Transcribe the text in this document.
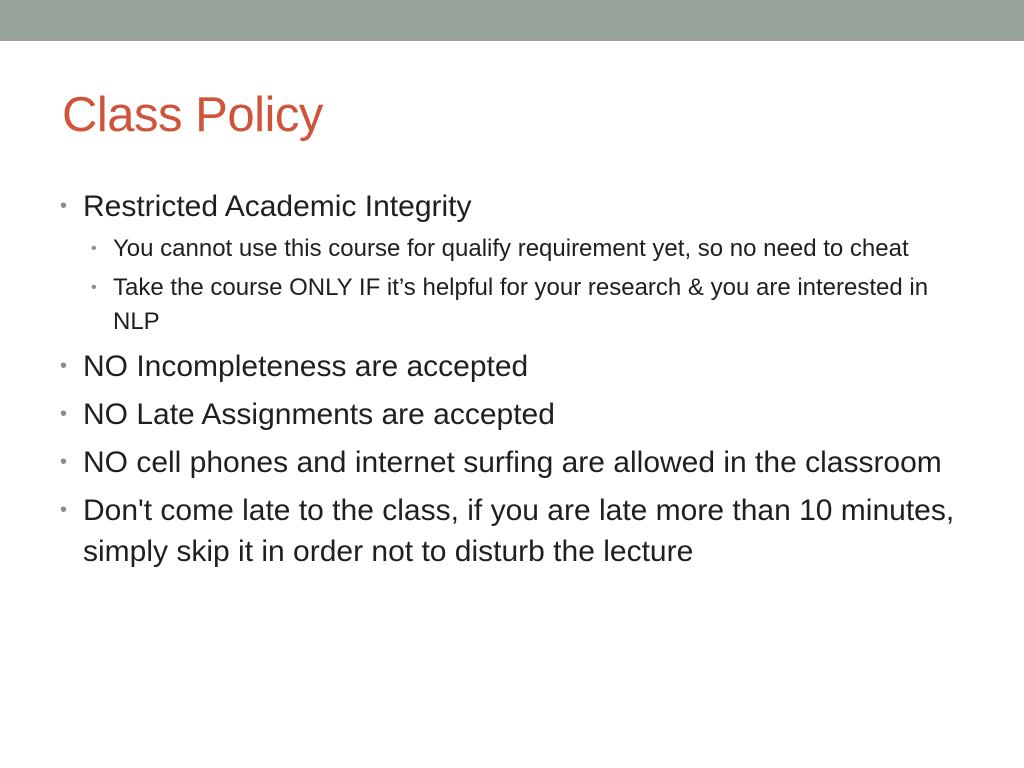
Class Policy
• Restricted Academic Integrity
• You cannot use this course for qualify requirement yet, so no need to cheat
• Take the course ONLY IF it’s helpful for your research & you are interested in NLP
• NO Incompleteness are accepted
• NO Late Assignments are accepted
• NO cell phones and internet surfing are allowed in the classroom
• Don't come late to the class, if you are late more than 10 minutes, simply skip it in order not to disturb the lecture
